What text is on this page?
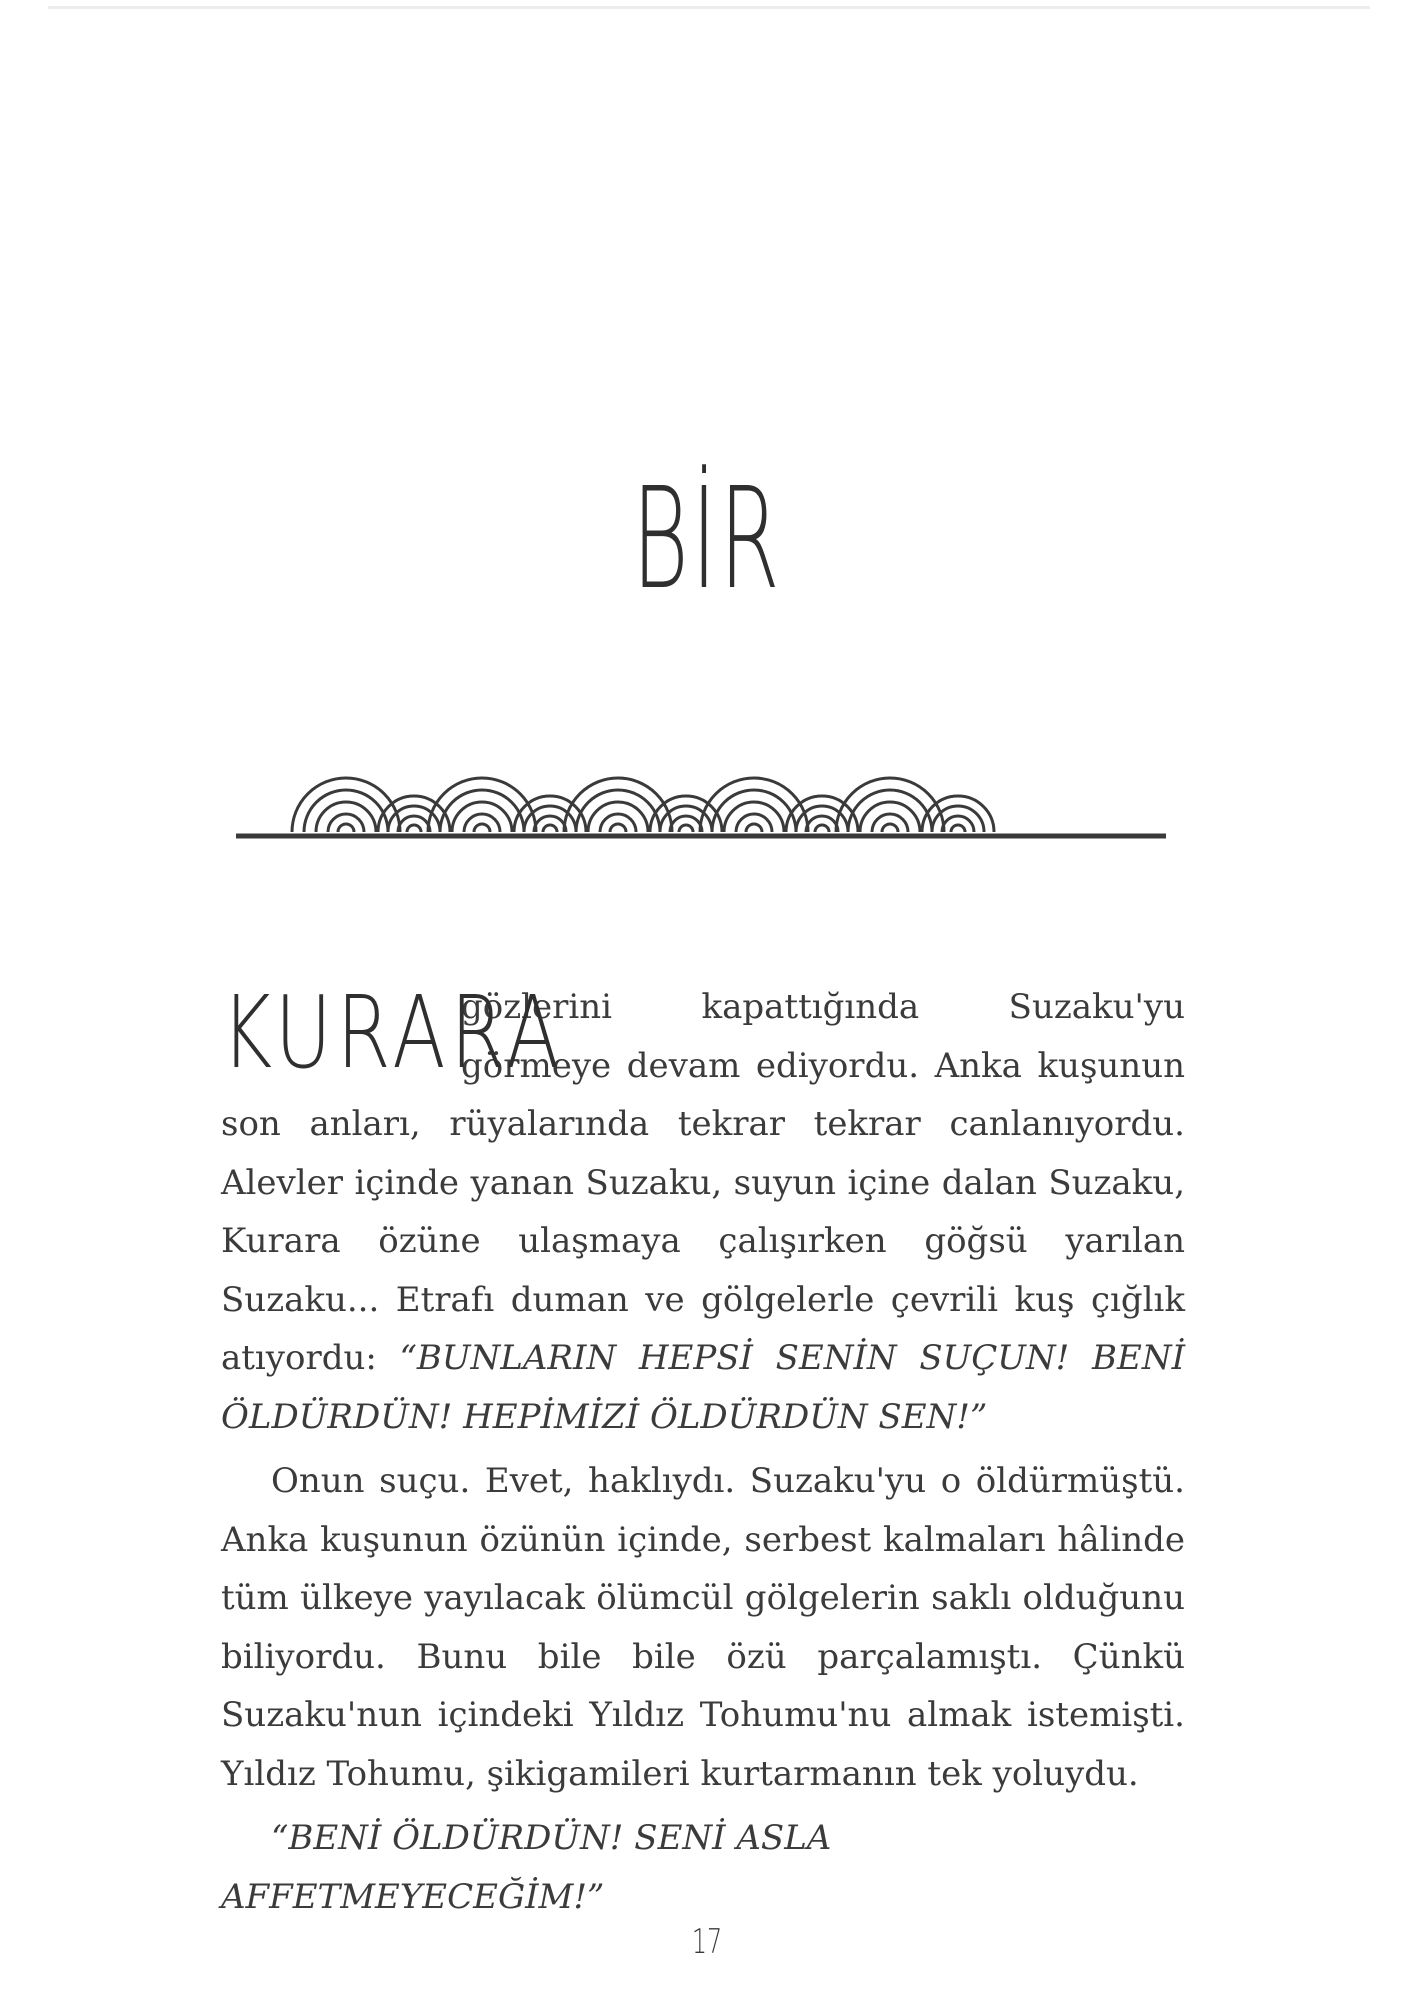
BİR

KURARA
gözlerini kapattığında Suzaku'yu görmeye devam ediyordu. Anka kuşunun son anları, rüyalarında tekrar tekrar canlanıyordu. Alevler içinde yanan Suzaku, suyun içine dalan Suzaku, Kurara özüne ulaşmaya çalışırken göğsü yarılan Suzaku... Etrafı duman ve gölgelerle çevrili kuş çığlık atıyordu: “BUNLARIN HEPSİ SENİN SUÇUN! BENİ ÖLDÜRDÜN! HEPİMİZİ ÖLDÜRDÜN SEN!”

Onun suçu. Evet, haklıydı. Suzaku'yu o öldürmüştü. Anka kuşunun özünün içinde, serbest kalmaları hâlinde tüm ülkeye yayılacak ölümcül gölgelerin saklı olduğunu biliyordu. Bunu bile bile özü parçalamıştı. Çünkü Suzaku'nun içindeki Yıldız Tohumu'nu almak istemişti. Yıldız Tohumu, şikigamileri kurtarmanın tek yoluydu.

“BENİ ÖLDÜRDÜN! SENİ ASLA AFFETMEYECEĞİM!”

17
